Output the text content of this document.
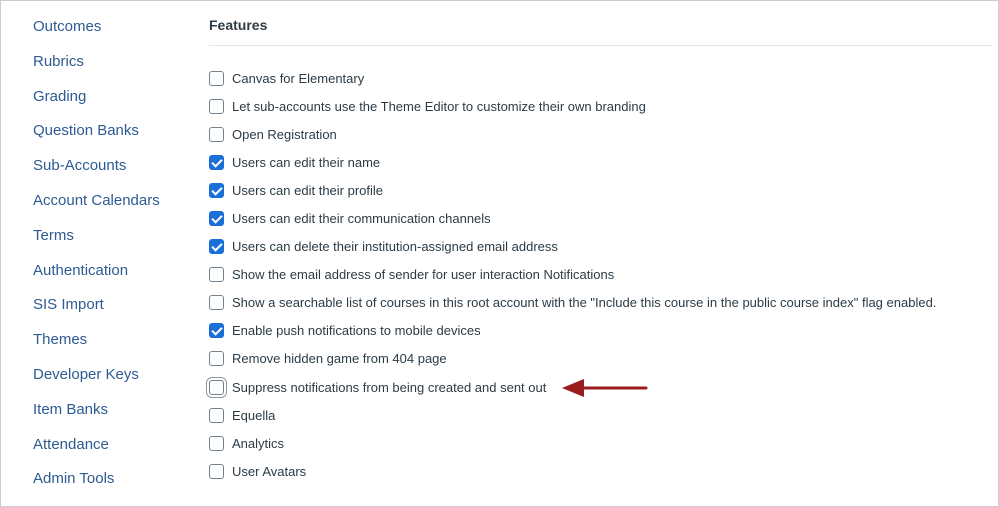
Outcomes
Rubrics
Grading
Question Banks
Sub-Accounts
Account Calendars
Terms
Authentication
SIS Import
Themes
Developer Keys
Item Banks
Attendance
Admin Tools
Features
Canvas for Elementary
Let sub-accounts use the Theme Editor to customize their own branding
Open Registration
Users can edit their name
Users can edit their profile
Users can edit their communication channels
Users can delete their institution-assigned email address
Show the email address of sender for user interaction Notifications
Show a searchable list of courses in this root account with the "Include this course in the public course index" flag enabled.
Enable push notifications to mobile devices
Remove hidden game from 404 page
Suppress notifications from being created and sent out
Equella
Analytics
User Avatars
